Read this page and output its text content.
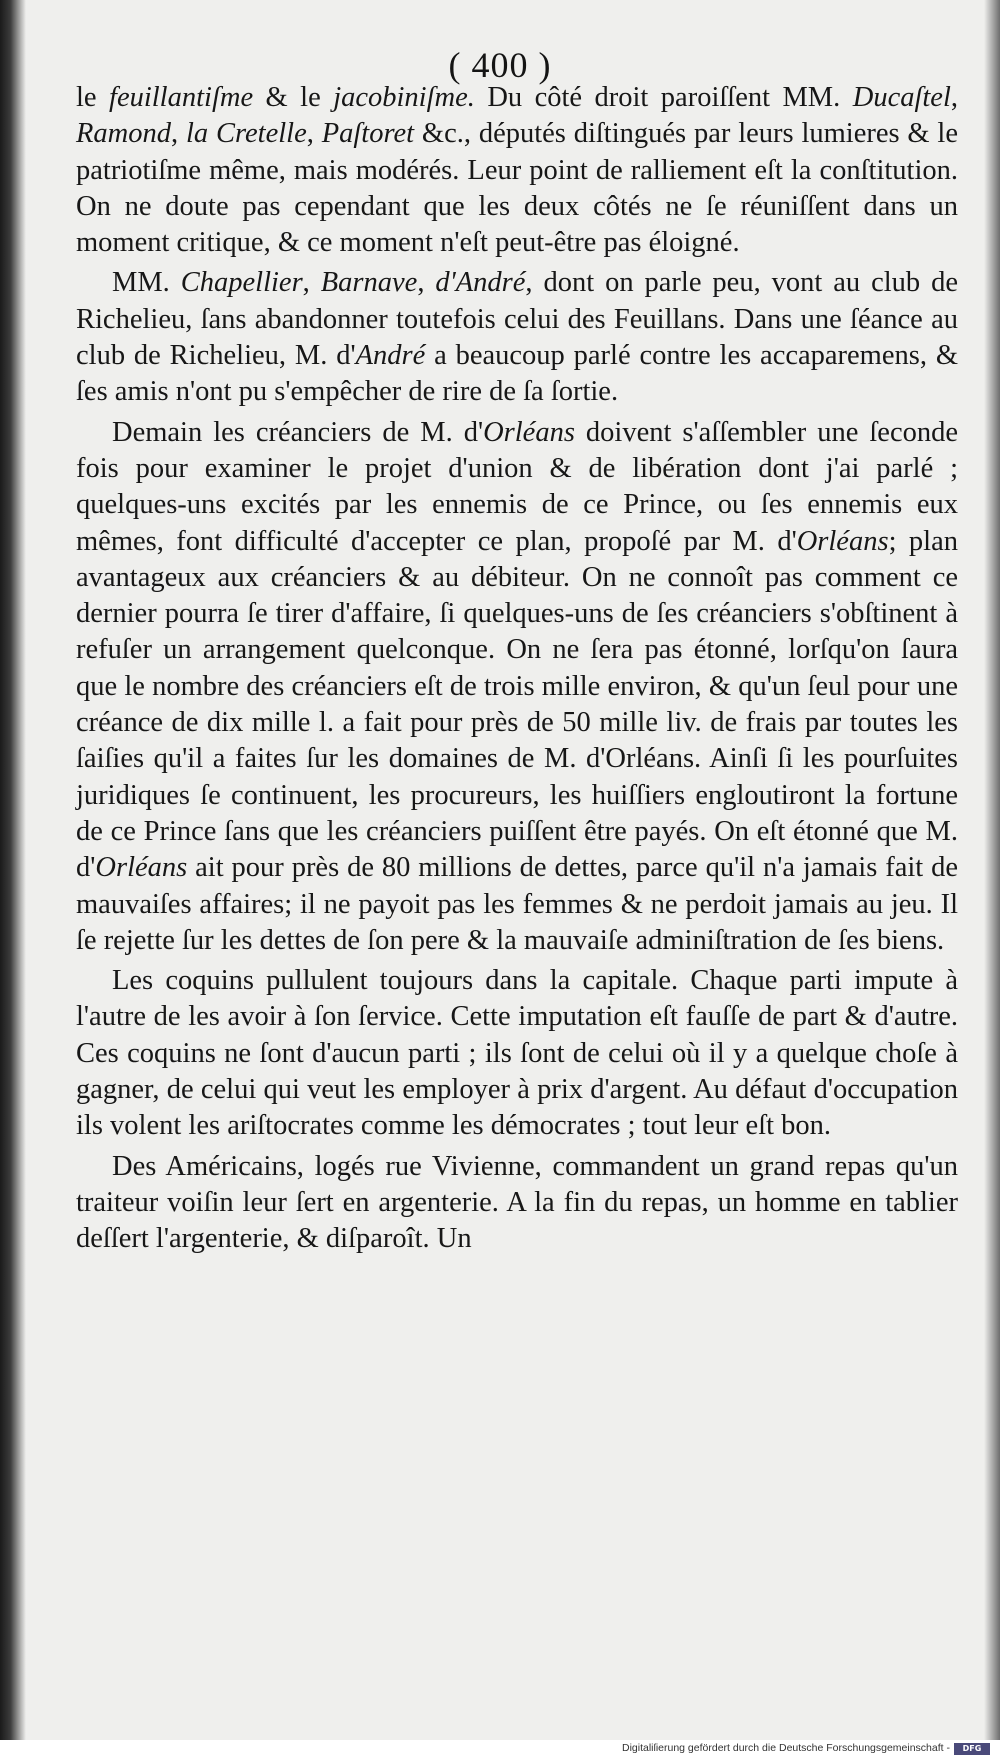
( 400 )

le feuillantiſme & le jacobiniſme. Du côté droit paroiſſent MM. Ducaſtel, Ramond, la Cretelle, Paſtoret &c., députés diſtingués par leurs lumieres & le patriotiſme même, mais modérés. Leur point de ralliement eſt la conſtitution. On ne doute pas cependant que les deux côtés ne ſe réuniſſent dans un moment critique, & ce moment n'eſt peut-être pas éloigné.

MM. Chapellier, Barnave, d'André, dont on parle peu, vont au club de Richelieu, ſans abandonner toutefois celui des Feuillans. Dans une ſéance au club de Richelieu, M. d'André a beaucoup parlé contre les accaparemens, & ſes amis n'ont pu s'empêcher de rire de ſa ſortie.

Demain les créanciers de M. d'Orléans doivent s'aſſembler une ſeconde fois pour examiner le projet d'union & de libération dont j'ai parlé ; quelques-uns excités par les ennemis de ce Prince, ou ſes ennemis eux mêmes, font difficulté d'accepter ce plan, propoſé par M. d'Orléans; plan avantageux aux créanciers & au débiteur. On ne connoît pas comment ce dernier pourra ſe tirer d'affaire, ſi quelques-uns de ſes créanciers s'obſtinent à refuſer un arrangement quelconque. On ne ſera pas étonné, lorſqu'on ſaura que le nombre des créanciers eſt de trois mille environ, & qu'un ſeul pour une créance de dix mille l. a fait pour près de 50 mille liv. de frais par toutes les ſaiſies qu'il a faites ſur les domaines de M. d'Orléans. Ainſi ſi les pourſuites juridiques ſe continuent, les procureurs, les huiſſiers engloutiront la fortune de ce Prince ſans que les créanciers puiſſent être payés. On eſt étonné que M. d'Orléans ait pour près de 80 millions de dettes, parce qu'il n'a jamais fait de mauvaiſes affaires; il ne payoit pas les femmes & ne perdoit jamais au jeu. Il ſe rejette ſur les dettes de ſon pere & la mauvaiſe adminiſtration de ſes biens.

Les coquins pullulent toujours dans la capitale. Chaque parti impute à l'autre de les avoir à ſon ſervice. Cette imputation eſt fauſſe de part & d'autre. Ces coquins ne ſont d'aucun parti ; ils ſont de celui où il y a quelque choſe à gagner, de celui qui veut les employer à prix d'argent. Au défaut d'occupation ils volent les ariſtocrates comme les démocrates ; tout leur eſt bon.

Des Américains, logés rue Vivienne, commandent un grand repas qu'un traiteur voiſin leur ſert en argenterie. A la fin du repas, un homme en tablier deſſert l'argenterie, & diſparoît. Un

Digitaliſierung gefördert durch die Deutsche Forschungsgemeinschaft -	DFG
